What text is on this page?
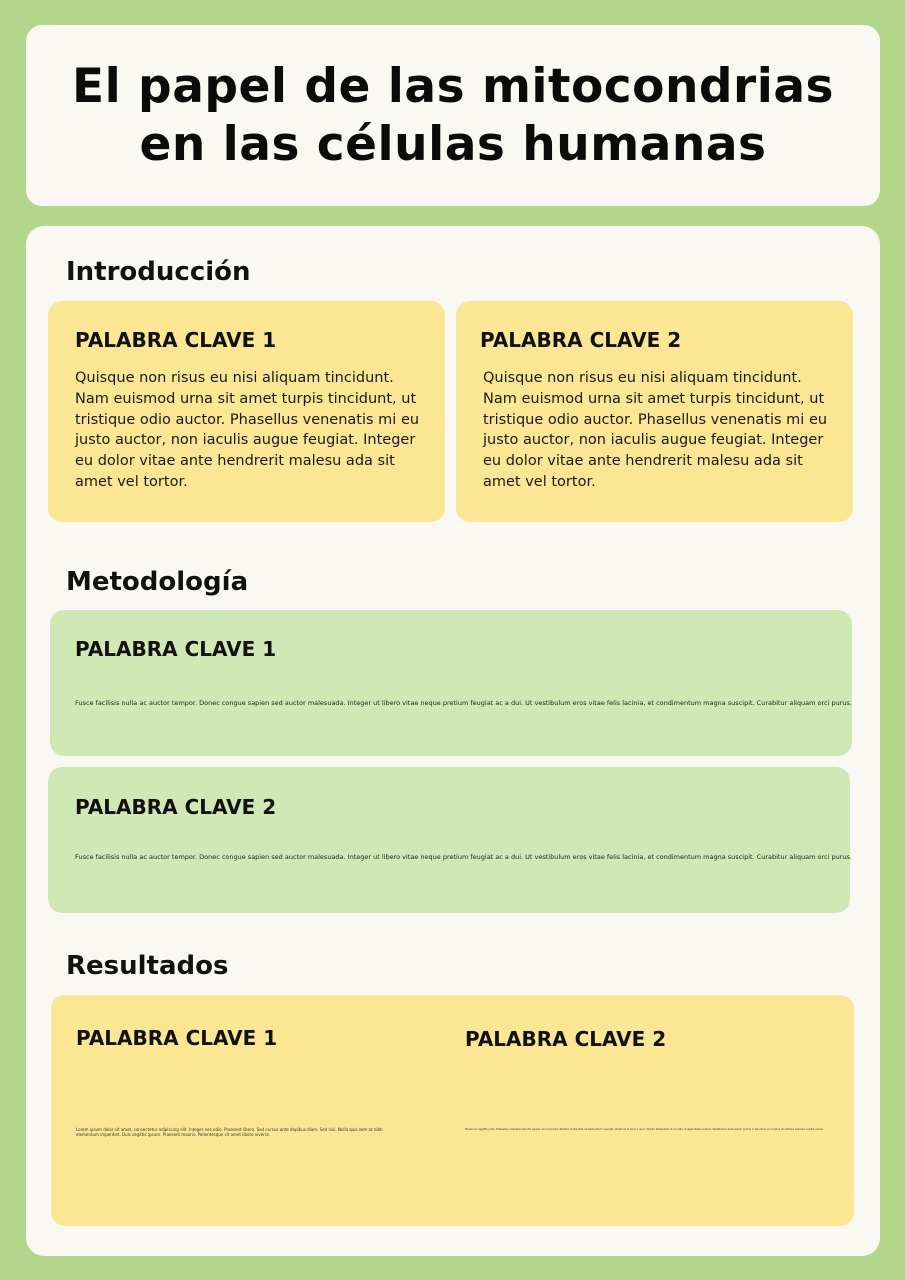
El papel de las mitocondrias en las células humanas
Introducción
PALABRA CLAVE 1

Quisque non risus eu nisi aliquam tincidunt. Nam euismod urna sit amet turpis tincidunt, ut tristique odio auctor. Phasellus venenatis mi eu justo auctor, non iaculis augue feugiat. Integer eu dolor vitae ante hendrerit malesu ada sit amet vel tortor.

PALABRA CLAVE 2

Quisque non risus eu nisi aliquam tincidunt. Nam euismod urna sit amet turpis tincidunt, ut tristique odio auctor. Phasellus venenatis mi eu justo auctor, non iaculis augue feugiat. Integer eu dolor vitae ante hendrerit malesu ada sit amet vel tortor.

Metodología
PALABRA CLAVE 1

Fusce facilisis nulla ac auctor tempor. Donec congue sapien sed auctor malesuada. Integer ut libero vitae neque pretium feugiat ac a dui. Ut vestibulum eros vitae felis lacinia, et condimentum magna suscipit. Curabitur aliquam orci purus.

PALABRA CLAVE 2

Fusce facilisis nulla ac auctor tempor. Donec congue sapien sed auctor malesuada. Integer ut libero vitae neque pretium feugiat ac a dui. Ut vestibulum eros vitae felis lacinia, et condimentum magna suscipit. Curabitur aliquam orci purus.

Resultados
PALABRA CLAVE 1

Lorem ipsum dolor sit amet, consectetur adipiscing elit. Integer nec odio. Praesent libero. Sed cursus ante dapibus diam. Sed nisi. Nulla quis sem at nibh elementum imperdiet. Duis sagittis ipsum. Praesent mauris. Pellentesque sit amet libero viverra.

PALABRA CLAVE 2

Mauris ac sagittis justo. Phasellus molestie lobortis neque non tincidunt. Nullam mollis felis et elementum suscipit. Vivamus id arcu a nunc dictum bibendum ut eu odio. Suspendisse potenti. Vestibulum ante ipsum primis in faucibus orci luctus et ultrices posuere cubilia curae.
